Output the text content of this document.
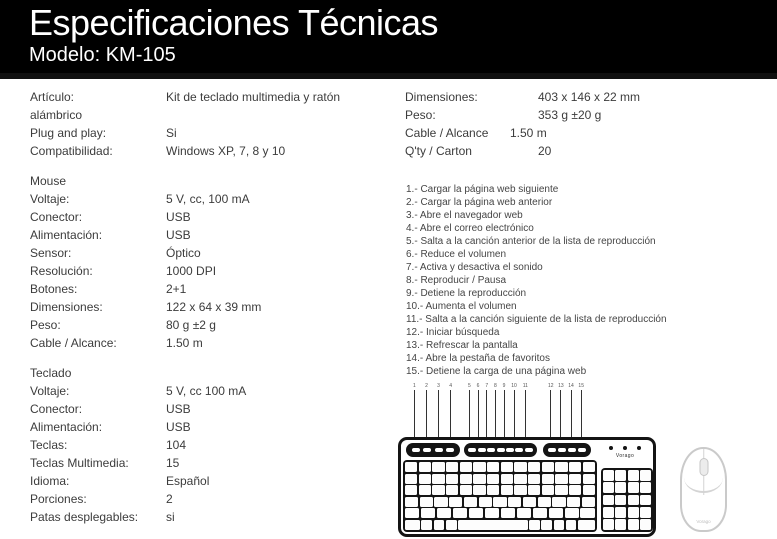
Especificaciones Técnicas
Modelo: KM-105
Artículo:	Kit de teclado multimedia y ratón
alámbrico
Plug and play:	Si
Compatibilidad:	Windows XP, 7, 8 y 10
Mouse
Voltaje:	5 V, cc, 100 mA
Conector:	USB
Alimentación:	USB
Sensor:	Óptico
Resolución:	1000 DPI
Botones:	2+1
Dimensiones:	122 x 64 x 39 mm
Peso:	80 g ±2 g
Cable / Alcance:	1.50 m
Teclado
Voltaje:	5 V, cc 100 mA
Conector:	USB
Alimentación:	USB
Teclas:	104
Teclas Multimedia:	15
Idioma:	Español
Porciones:	2
Patas desplegables:	si
Dimensiones:	403 x 146 x 22 mm
Peso:	353 g ±20 g
Cable / Alcance	1.50 m
Q'ty / Carton	20
1.- Cargar la página web siguiente
2.- Cargar la página web anterior
3.- Abre el navegador web
4.- Abre el correo electrónico
5.- Salta a la canción anterior de la lista de reproducción
6.- Reduce el volumen
7.- Activa y desactiva el sonido
8.- Reproducir / Pausa
9.- Detiene la reproducción
10.- Aumenta el volumen
11.- Salta a la canción siguiente de la lista de reproducción
12.- Iniciar búsqueda
13.- Refrescar la pantalla
14.- Abre la pestaña de favoritos
15.- Detiene la carga de una página web
1 2 3 4	5 6 7 8 9 10 11	12 13 14 15
Vorago
Vorago
